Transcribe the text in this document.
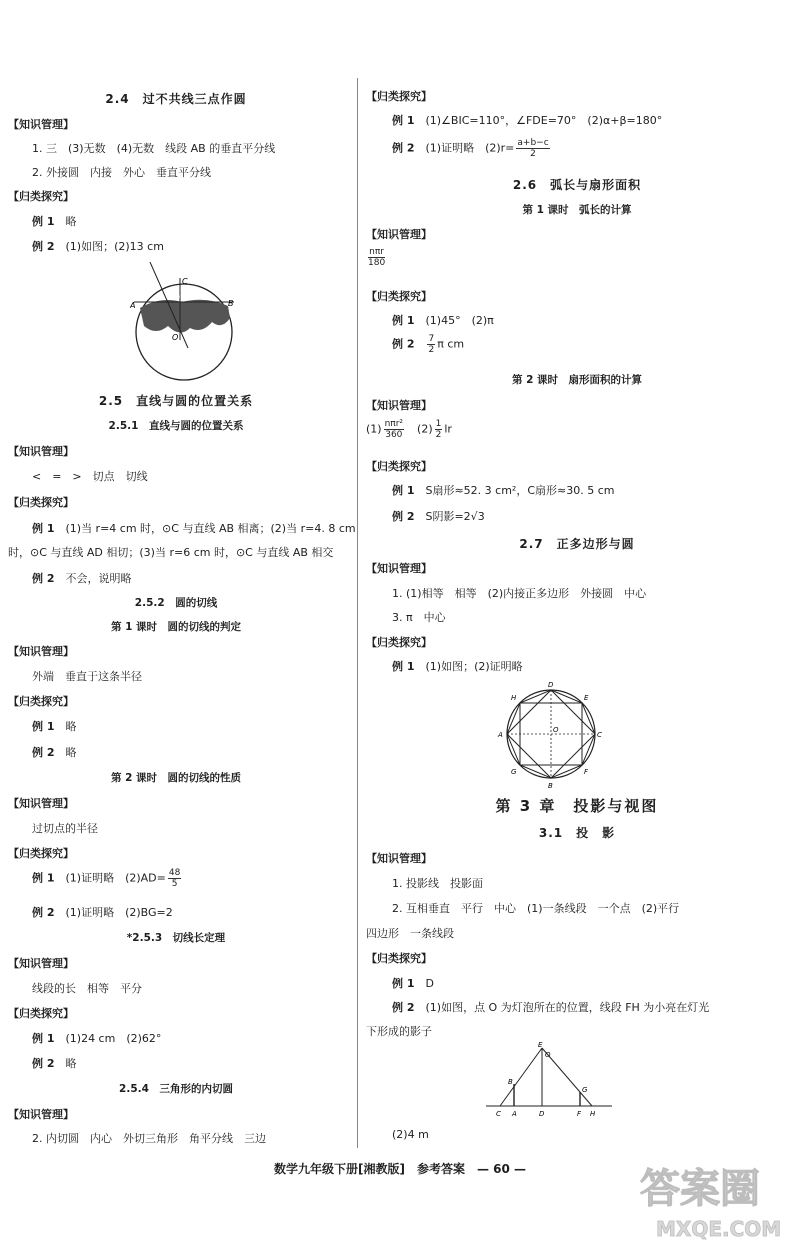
2.4　过不共线三点作圆
【知识管理】
1. 三　(3)无数　(4)无数　线段 AB 的垂直平分线
2. 外接圆　内接　外心　垂直平分线
【归类探究】
例 1　 略
例 2　 (1)如图；(2)13 cm
A	B
C
D
O
2.5　直线与圆的位置关系
2.5.1　直线与圆的位置关系
【知识管理】
<　=　>　切点　切线
【归类探究】
例 1　 (1)当 r=4 cm 时，⊙C 与直线 AB 相离；(2)当 r=4. 8 cm
时，⊙C 与直线 AD 相切；(3)当 r=6 cm 时，⊙C 与直线 AB 相交
例 2　 不会，说明略
2.5.2　圆的切线
第 1 课时　圆的切线的判定
【知识管理】
外端　垂直于这条半径
【归类探究】
例 1　 略
例 2　 略
第 2 课时　圆的切线的性质
【知识管理】
过切点的半径
【归类探究】
例 1　 (1)证明略　$(2)AD= \frac{48}{5}$
例 2　 (1)证明略　(2)BG=2
*2.5.3　切线长定理
【知识管理】
线段的长　相等　平分
【归类探究】
例 1　 (1)24 cm　(2)62°
例 2　 略
2.5.4　三角形的内切圆
【知识管理】
2. 内切圆　内心　外切三角形　角平分线　三边
【归类探究】
例 1　 (1)∠BIC=110°，∠FDE=70°　(2)α+β=180°
例 2　 (1)证明略　$(2)r= \frac{a+b-c}{2}$
2.6　弧长与扇形面积
第 1 课时　弧长的计算
【知识管理】
$\frac{\text{nπr}}{180}$
【归类探究】
例 1　 (1)45°　(2)π
例 2　 $\frac{7}{2}$ π cm
第 2 课时　扇形面积的计算
【知识管理】
$(1) \frac{\text{nπr²}}{360}$
　 $(2) \frac{1}{2}$ lr
【归类探究】
例 1　 S扇形≈52. 3 cm²，C扇形≈30. 5 cm
例 2　 S阴影=2√3
2.7　正多边形与圆
【知识管理】
1. (1)相等　相等　(2)内接正多边形　外接圆　中心
3. π　中心
【归类探究】
例 1　 (1)如图；(2)证明略
D
H	E
A	C
G	F
B
O
第 3 章　投影与视图
3.1　投　影
【知识管理】
1. 投影线　投影面
2. 互相垂直　平行　中心　(1)一条线段　一个点　(2)平行
四边形　一条线段
【归类探究】
例 1　 D
例 2　 (1)如图，点 O 为灯泡所在的位置，线段 FH 为小亮在灯光
下形成的影子
E
O
B
G
C A	D	F H
(2)4 m
数学九年级下册[湘教版]　参考答案　— 60 —	答案圈
MXQE.COM
